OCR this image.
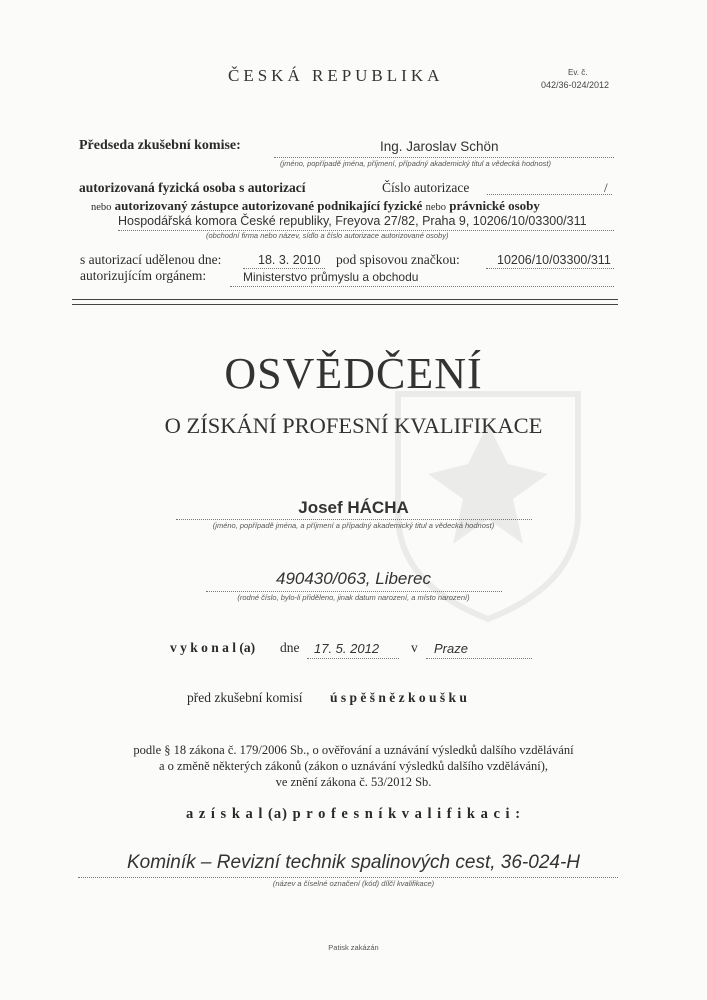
ČESKÁ REPUBLIKA	Ev. č.
042/36-024/2012
Předseda zkušební komise:	Ing. Jaroslav Schön
(jméno, popřípadě jména, příjmení, případný akademický titul a vědecká hodnost)
autorizovaná fyzická osoba s autorizací	Číslo autorizace	/
nebo autorizovaný zástupce autorizované podnikající fyzické nebo právnické osoby
Hospodářská komora České republiky, Freyova 27/82, Praha 9, 10206/10/03300/311
(obchodní firma nebo název, sídlo a číslo autorizace autorizované osoby)
s autorizací udělenou dne:	18. 3. 2010 pod spisovou značkou:	10206/10/03300/311
autorizujícím orgánem:	Ministerstvo průmyslu a obchodu
OSVĚDČENÍ
O ZÍSKÁNÍ PROFESNÍ KVALIFIKACE
Josef HÁCHA
(jméno, popřípadě jména, a příjmení a případný akademický titul a vědecká hodnost)
490430/063, Liberec
(rodné číslo, bylo-li přiděleno, jinak datum narození, a místo narození)
v y k o n a l (a) dne 17. 5. 2012 v Praze
před zkušební komisí ú s p ě š n ě z k o u š k u
podle § 18 zákona č. 179/2006 Sb., o ověřování a uznávání výsledků dalšího vzdělávání
a o změně některých zákonů (zákon o uznávání výsledků dalšího vzdělávání),
ve znění zákona č. 53/2012 Sb.
a z í s k a l (a) p r o f e s n í k v a l i f i k a c i :
Kominík – Revizní technik spalinových cest, 36-024-H
(název a číselné označení (kód) dílčí kvalifikace)
Patisk zakázán
